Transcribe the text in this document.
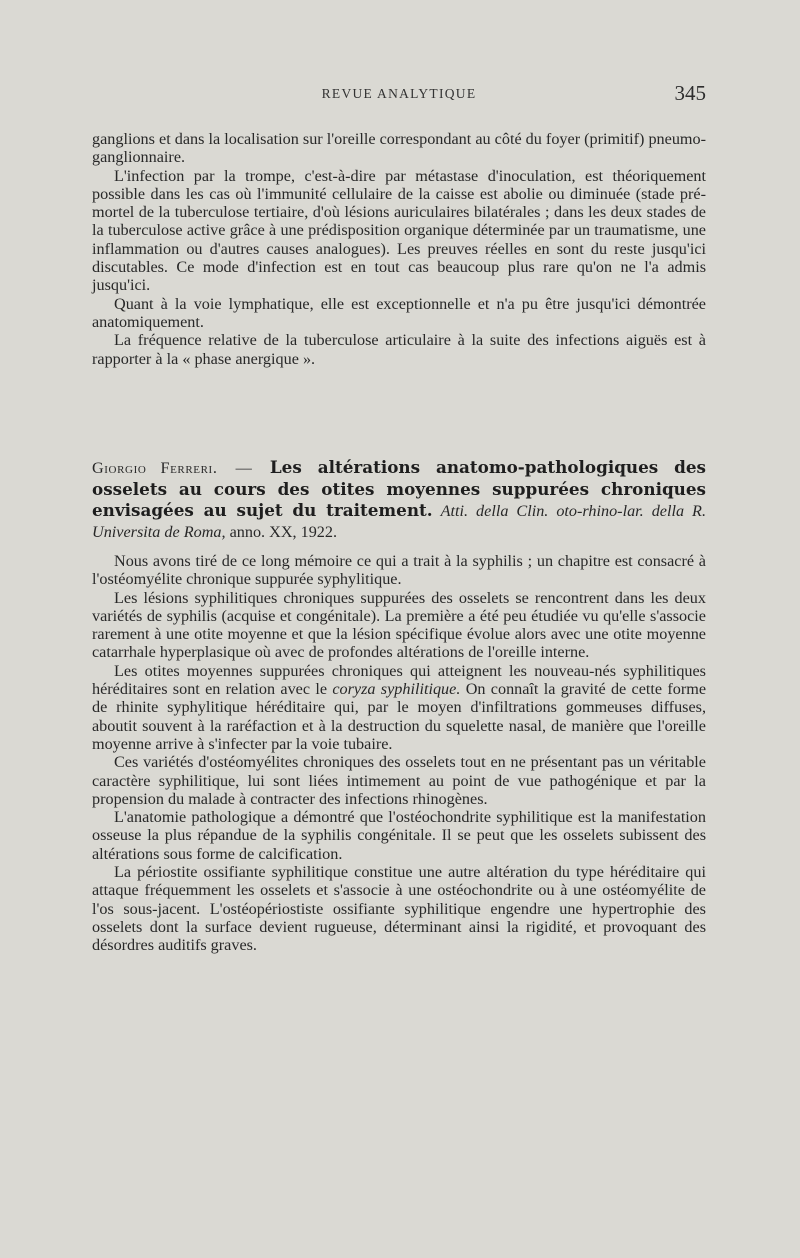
REVUE ANALYTIQUE	345

ganglions et dans la localisation sur l'oreille correspondant au côté du foyer (primitif) pneumo-ganglionnaire.

L'infection par la trompe, c'est-à-dire par métastase d'inoculation, est théoriquement possible dans les cas où l'immunité cellulaire de la caisse est abolie ou diminuée (stade pré-mortel de la tuberculose tertiaire, d'où lésions auriculaires bilatérales ; dans les deux stades de la tuberculose active grâce à une prédisposition organique déterminée par un traumatisme, une inflammation ou d'autres causes analogues). Les preuves réelles en sont du reste jusqu'ici discutables. Ce mode d'infection est en tout cas beaucoup plus rare qu'on ne l'a admis jusqu'ici.

Quant à la voie lymphatique, elle est exceptionnelle et n'a pu être jusqu'ici démontrée anatomiquement.

La fréquence relative de la tuberculose articulaire à la suite des infections aiguës est à rapporter à la « phase anergique ».

Giorgio Ferreri. — Les altérations anatomo-pathologiques des osselets au cours des otites moyennes suppurées chroniques envisagées au sujet du traitement. Atti. della Clin. oto-rhino-lar. della R. Universita de Roma, anno. XX, 1922.

Nous avons tiré de ce long mémoire ce qui a trait à la syphilis ; un chapitre est consacré à l'ostéomyélite chronique suppurée syphylitique.

Les lésions syphilitiques chroniques suppurées des osselets se rencontrent dans les deux variétés de syphilis (acquise et congénitale). La première a été peu étudiée vu qu'elle s'associe rarement à une otite moyenne et que la lésion spécifique évolue alors avec une otite moyenne catarrhale hyperplasique où avec de profondes altérations de l'oreille interne.

Les otites moyennes suppurées chroniques qui atteignent les nouveau-nés syphilitiques héréditaires sont en relation avec le coryza syphilitique. On connaît la gravité de cette forme de rhinite syphylitique héréditaire qui, par le moyen d'infiltrations gommeuses diffuses, aboutit souvent à la raréfaction et à la destruction du squelette nasal, de manière que l'oreille moyenne arrive à s'infecter par la voie tubaire.

Ces variétés d'ostéomyélites chroniques des osselets tout en ne présentant pas un véritable caractère syphilitique, lui sont liées intimement au point de vue pathogénique et par la propension du malade à contracter des infections rhinogènes.

L'anatomie pathologique a démontré que l'ostéochondrite syphilitique est la manifestation osseuse la plus répandue de la syphilis congénitale. Il se peut que les osselets subissent des altérations sous forme de calcification.

La périostite ossifiante syphilitique constitue une autre altération du type héréditaire qui attaque fréquemment les osselets et s'associe à une ostéochondrite ou à une ostéomyélite de l'os sous-jacent. L'ostéopériostiste ossifiante syphilitique engendre une hypertrophie des osselets dont la surface devient rugueuse, déterminant ainsi la rigidité, et provoquant des désordres auditifs graves.
